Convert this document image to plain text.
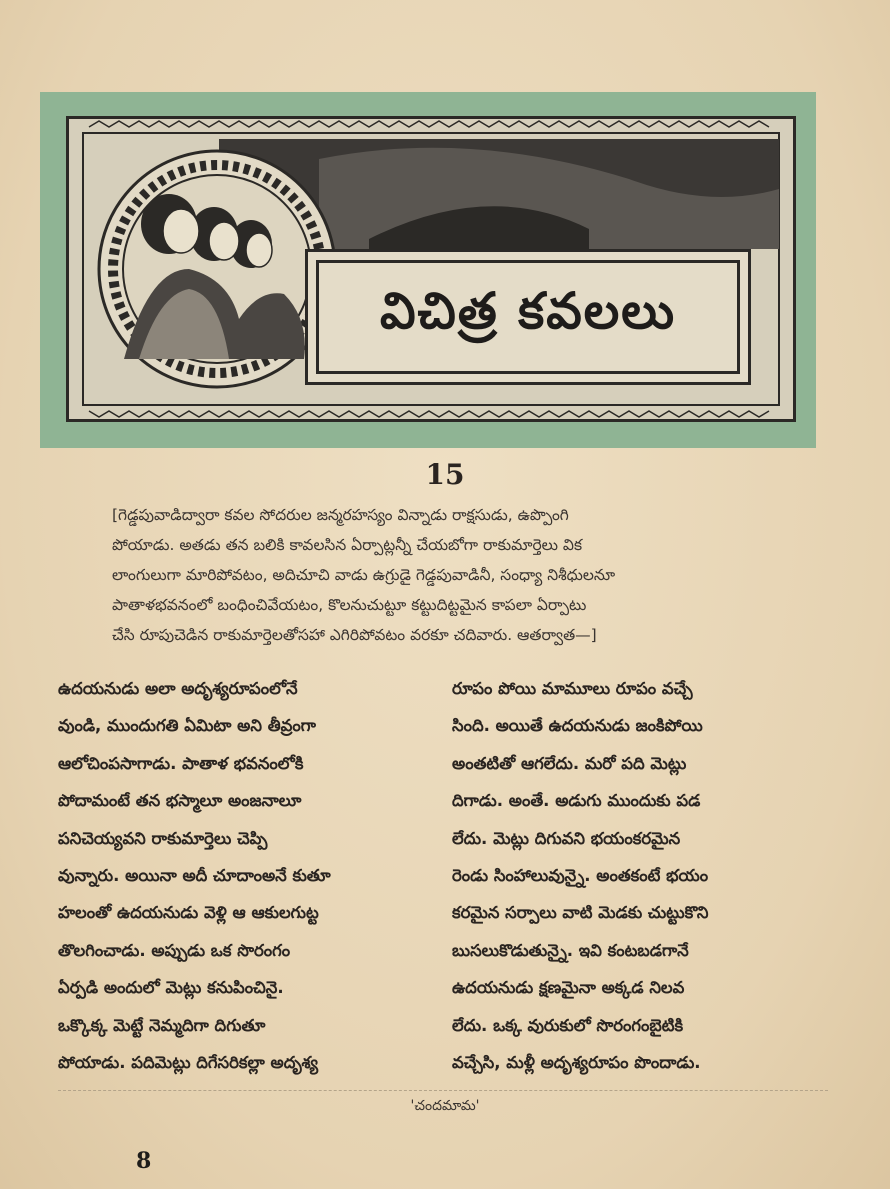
విచిత్ర కవలలు
15
[గెడ్డపువాడిద్వారా కవల సోదరుల జన్మరహస్యం విన్నాడు రాక్షసుడు, ఉప్పొంగి
పోయాడు. అతడు తన బలికి కావలసిన ఏర్పాట్లన్నీ చేయబోగా రాకుమార్తెలు విక
లాంగులుగా మారిపోవటం, అదిచూచి వాడు ఉగ్రుడై గెడ్డపువాడినీ, సంధ్యా నిశీధులనూ
పాతాళభవనంలో బంధించివేయటం, కొలనుచుట్టూ కట్టుదిట్టమైన కాపలా ఏర్పాటు
చేసి రూపుచెడిన రాకుమార్తెలతోసహా ఎగిరిపోవటం వరకూ చదివారు. ఆతర్వాత—]
ఉదయనుడు అలా అదృశ్యరూపంలోనే
వుండి, ముందుగతి ఏమిటా అని తీవ్రంగా
ఆలోచింపసాగాడు. పాతాళ భవనంలోకి
పోదామంటే తన భస్మాలూ అంజనాలూ
పనిచెయ్యవని రాకుమార్తెలు చెప్పి
వున్నారు. అయినా అదీ చూదాంఅనే కుతూ
హలంతో ఉదయనుడు వెళ్లి ఆ ఆకులగుట్ట
తొలగించాడు. అప్పుడు ఒక సొరంగం
ఏర్పడి అందులో మెట్లు కనుపించినై.
ఒక్కొక్క మెట్టే నెమ్మదిగా దిగుతూ
పోయాడు. పదిమెట్లు దిగేసరికల్లా అదృశ్య
రూపం పోయి మామూలు రూపం వచ్చే
సింది. అయితే ఉదయనుడు జంకిపోయి
అంతటితో ఆగలేదు. మరో పది మెట్లు
దిగాడు. అంతే. అడుగు ముందుకు పడ
లేదు. మెట్లు దిగువని భయంకరమైన
రెండు సింహాలువున్నై. అంతకంటే భయం
కరమైన సర్పాలు వాటి మెడకు చుట్టుకొని
బుసలుకొడుతున్నై. ఇవి కంటబడగానే
ఉదయనుడు క్షణమైనా అక్కడ నిలవ
లేదు. ఒక్క వురుకులో సొరంగంబైటికి
వచ్చేసి, మళ్లీ అదృశ్యరూపం పొందాడు.
'చందమామ'
8
